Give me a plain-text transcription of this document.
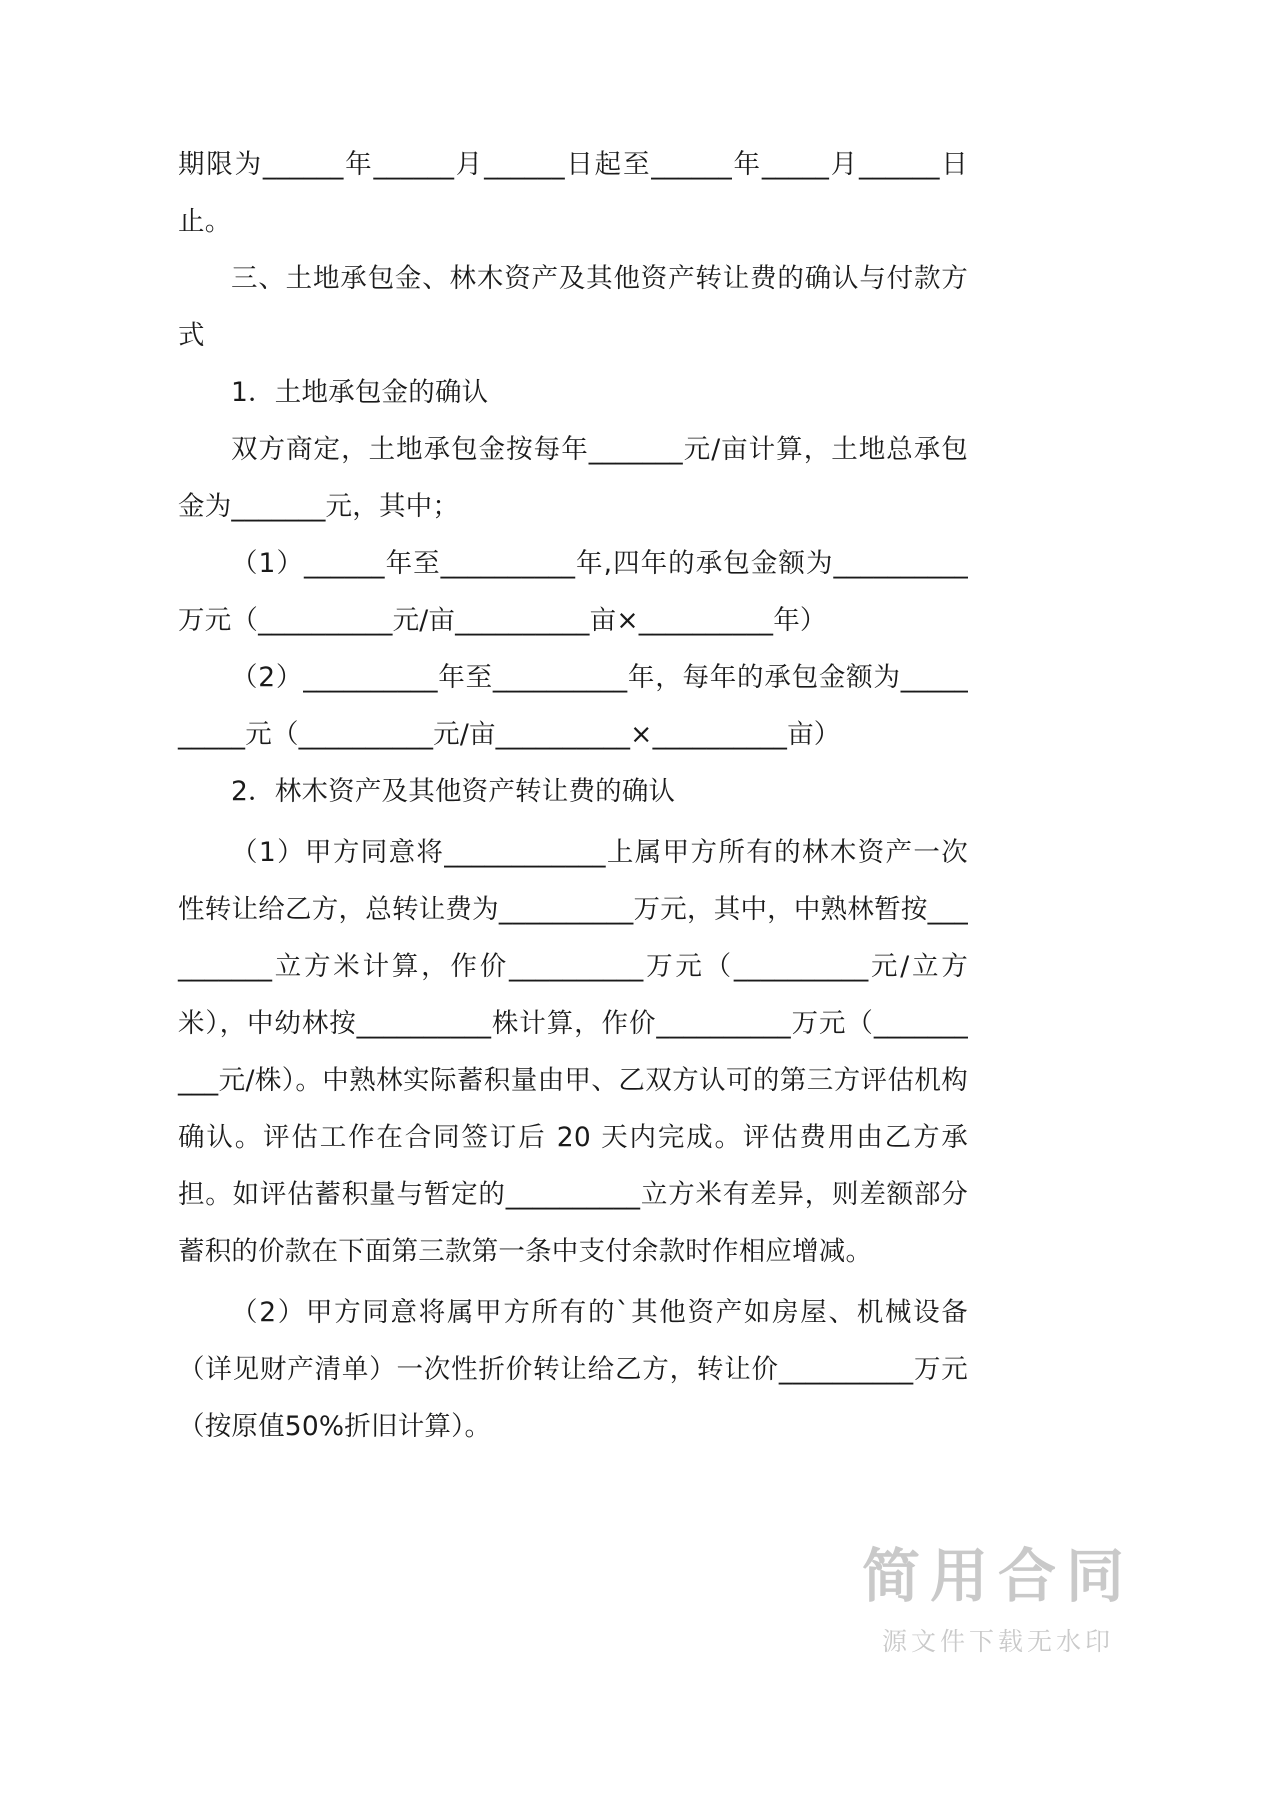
期限为______年______月______日起至______年_____月______日止。

三、土地承包金、林木资产及其他资产转让费的确认与付款方式

1．土地承包金的确认

双方商定，土地承包金按每年_______元/亩计算，土地总承包金为_______元，其中；

（1）______年至__________年,四年的承包金额为__________万元（__________元/亩__________亩×__________年）

（2）__________年至__________年，每年的承包金额为__________元（__________元/亩__________×__________亩）

2．林木资产及其他资产转让费的确认

（1）甲方同意将____________上属甲方所有的林木资产一次性转让给乙方，总转让费为__________万元，其中，中熟林暂按__________立方米计算，作价__________万元（__________元/立方米），中幼林按__________株计算，作价__________万元（__________元/株）。中熟林实际蓄积量由甲、乙双方认可的第三方评估机构确认。评估工作在合同签订后 20 天内完成。评估费用由乙方承担。如评估蓄积量与暂定的__________立方米有差异，则差额部分蓄积的价款在下面第三款第一条中支付余款时作相应增减。

（2）甲方同意将属甲方所有的`其他资产如房屋、机械设备（详见财产清单）一次性折价转让给乙方，转让价__________万元（按原值50%折旧计算）。

简用合同
源文件下载无水印
